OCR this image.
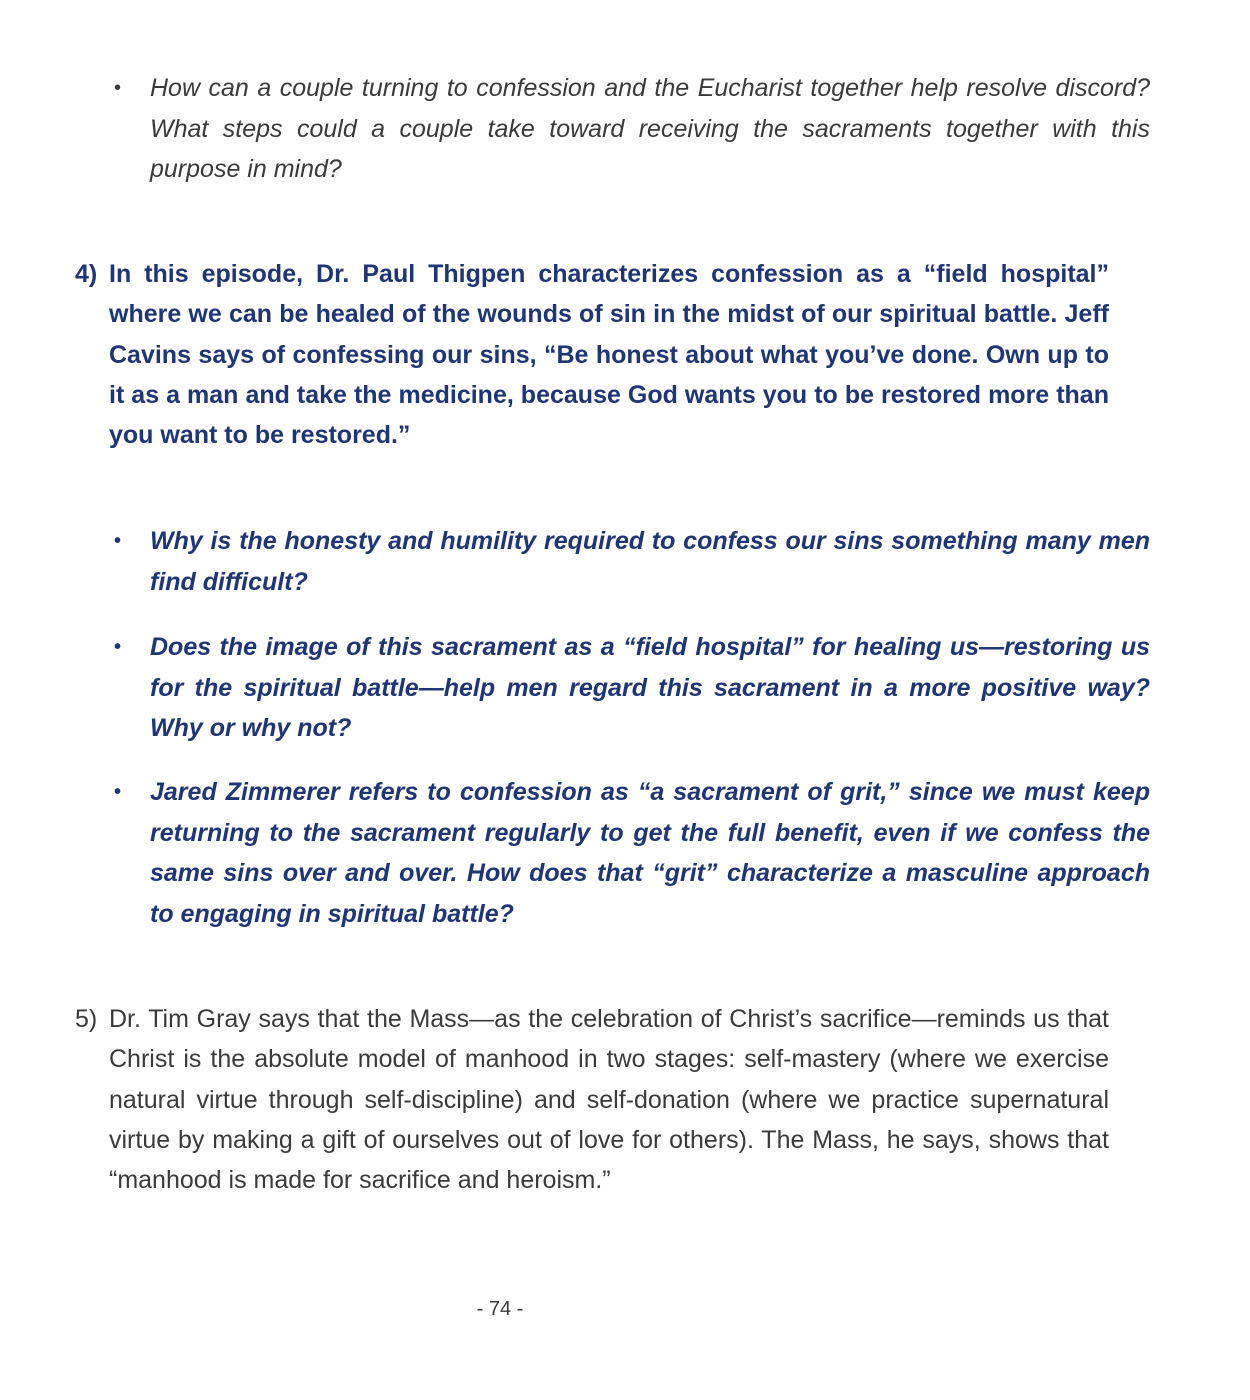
• How can a couple turning to confession and the Eucharist together help resolve discord? What steps could a couple take toward receiving the sacraments together with this purpose in mind?
4) In this episode, Dr. Paul Thigpen characterizes confession as a “field hospital” where we can be healed of the wounds of sin in the midst of our spiritual battle. Jeff Cavins says of confessing our sins, “Be honest about what you’ve done. Own up to it as a man and take the medicine, because God wants you to be restored more than you want to be restored.”
• Why is the honesty and humility required to confess our sins something many men find difficult?
• Does the image of this sacrament as a “field hospital” for healing us—restoring us for the spiritual battle—help men regard this sacrament in a more positive way? Why or why not?
• Jared Zimmerer refers to confession as “a sacrament of grit,” since we must keep returning to the sacrament regularly to get the full benefit, even if we confess the same sins over and over. How does that “grit” characterize a masculine approach to engaging in spiritual battle?
5) Dr. Tim Gray says that the Mass—as the celebration of Christ’s sacrifice—reminds us that Christ is the absolute model of manhood in two stages: self-mastery (where we exercise natural virtue through self-discipline) and self-donation (where we practice supernatural virtue by making a gift of ourselves out of love for others). The Mass, he says, shows that “manhood is made for sacrifice and heroism.”
- 74 -
